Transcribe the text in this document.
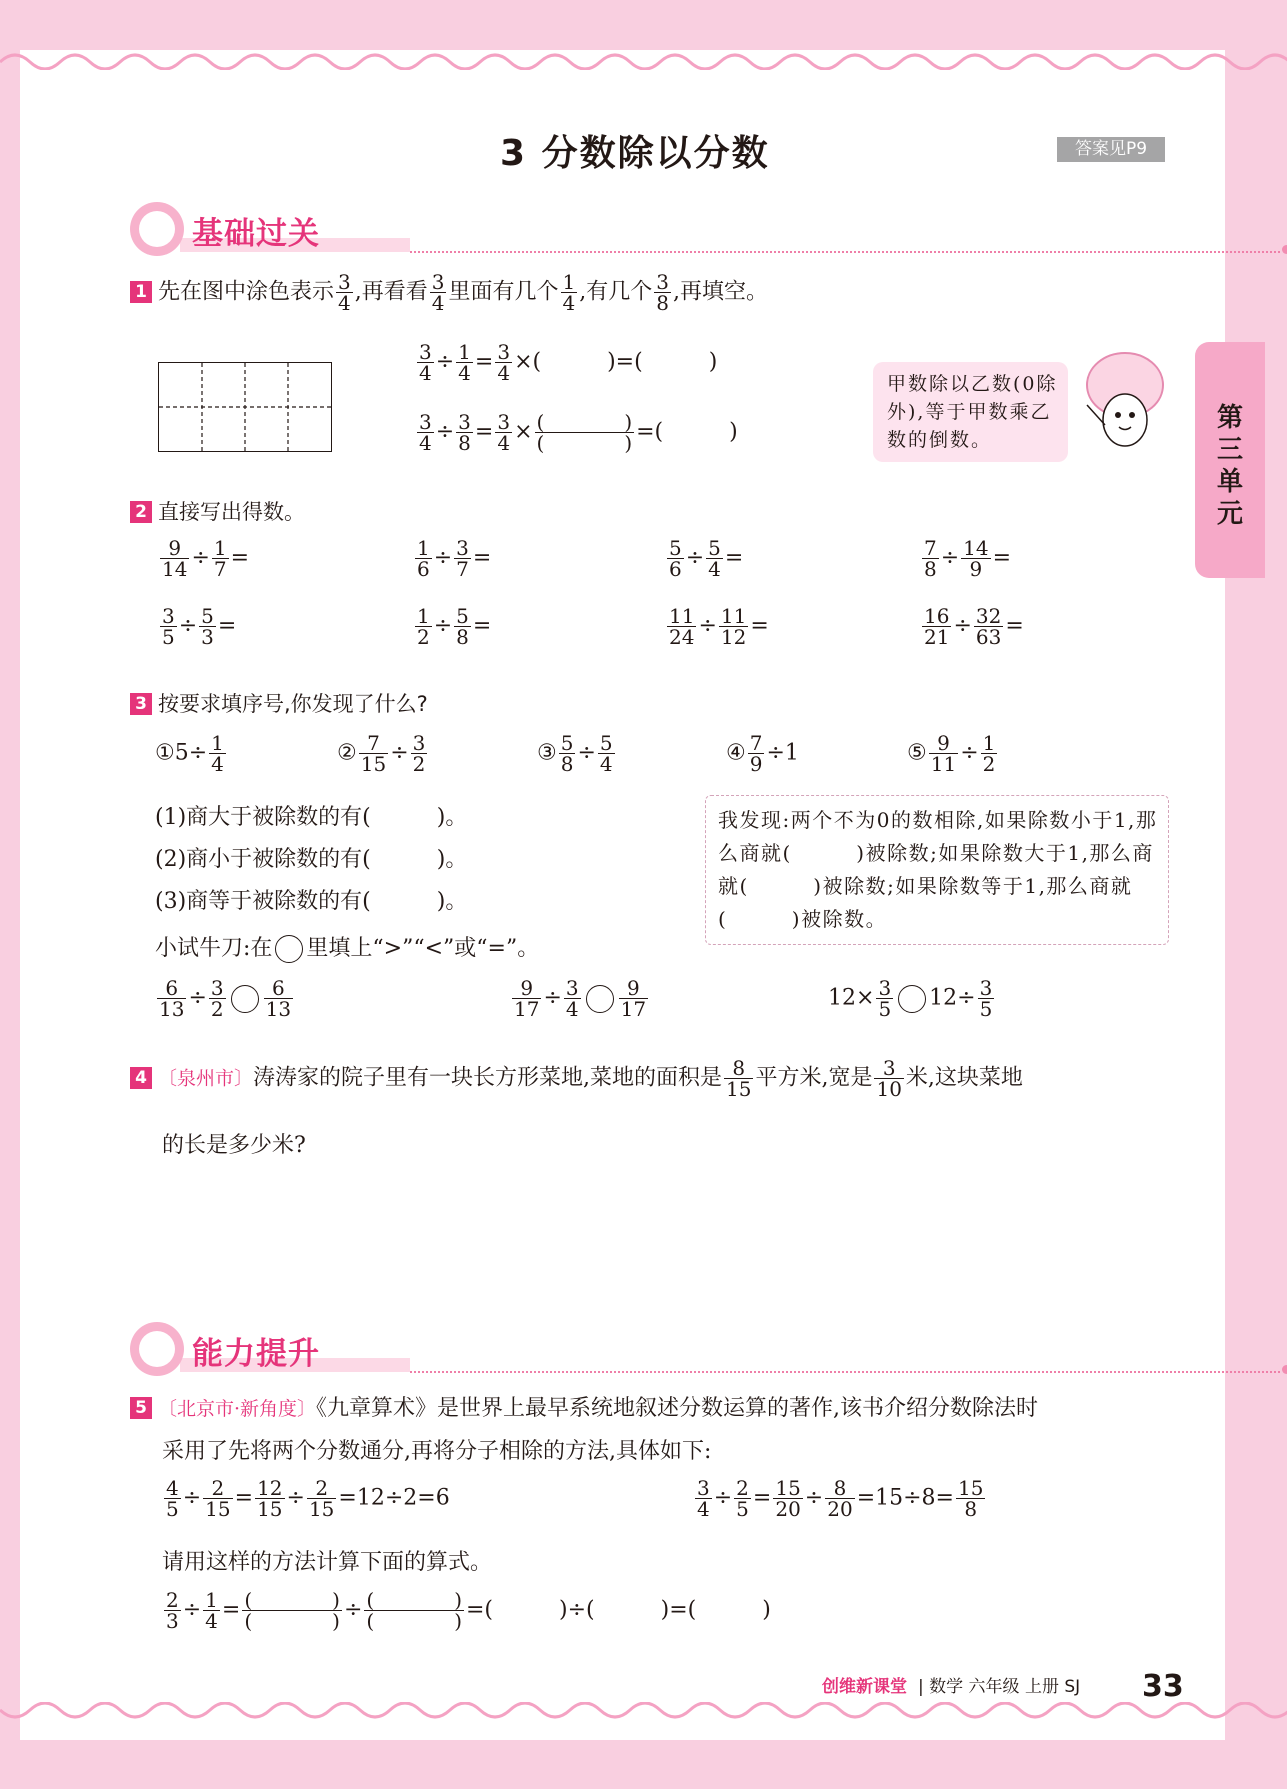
3 分数除以分数	答案见P9
第三单元
基础过关
1 先在图中涂色表示 $\frac{3}{4}$ ,再看看 $\frac{3}{4}$ 里面有几个 $\frac{1}{4}$ ,有几个 $\frac{3}{8}$ ,再填空。
$\frac{3}{4} \div \frac{1}{4} = \frac{3}{4}$ ×(　　　)=(　　　)
$\frac{3}{4} \div \frac{3}{8} = \frac{3}{4} \times \frac{( )}{( )}$ =(　　　)
甲数除以乙数(0除外),等于甲数乘乙数的倒数。
2 直接写出得数。
$\frac{9}{14} \div \frac{1}{7}$ =	$\frac{1}{6} \div \frac{3}{7}$ =	$\frac{5}{6} \div \frac{5}{4}$ =	$\frac{7}{8} \div \frac{14}{9}$ =
$\frac{3}{5} \div \frac{5}{3}$ =	$\frac{1}{2} \div \frac{5}{8}$ =	$\frac{11}{24} \div \frac{11}{12}$ =	$\frac{16}{21} \div \frac{32}{63}$ =
3 按要求填序号,你发现了什么?
①5÷ $\frac{1}{4}$	② $\frac{7}{15} \div \frac{3}{2}$	③ $\frac{5}{8} \div \frac{5}{4}$	④ $\frac{7}{9} \div 1$	⑤ $\frac{9}{11} \div \frac{1}{2}$
(1)商大于被除数的有(　　　)。
(2)商小于被除数的有(　　　)。
(3)商等于被除数的有(　　　)。
我发现:两个不为0的数相除,如果除数小于1,那么商就(　　　)被除数;如果除数大于1,那么商就(　　　)被除数;如果除数等于1,那么商就(　　　)被除数。
小试牛刀:在 里填上“>”“<”或“=”。
$\frac{6}{13} \div \frac{3}{2} \frac{6}{13}$	$\frac{9}{17} \div \frac{3}{4} \frac{9}{17}$	$12\times \frac{3}{5} 12\div \frac{3}{5}$
4 〔泉州市〕涛涛家的院子里有一块长方形菜地,菜地的面积是 $\frac{8}{15}$ 平方米,宽是 $\frac{3}{10}$ 米,这块菜地
的长是多少米?
能力提升
5 〔北京市·新角度〕《九章算术》是世界上最早系统地叙述分数运算的著作,该书介绍分数除法时
采用了先将两个分数通分,再将分子相除的方法,具体如下:
$\frac{4}{5} \div \frac{2}{15} = \frac{12}{15} \div \frac{2}{15} =12\div 2=6$	$\frac{3}{4} \div \frac{2}{5} = \frac{15}{20} \div \frac{8}{20} =15\div 8= \frac{15}{8}$
请用这样的方法计算下面的算式。
$\frac{2}{3} \div \frac{1}{4} = \frac{( )}{( )} \div \frac{( )}{( )}$ =(　　　)÷(　　　)=(　　　)
创维新课堂 | 数学 六年级 上册 SJ 33
